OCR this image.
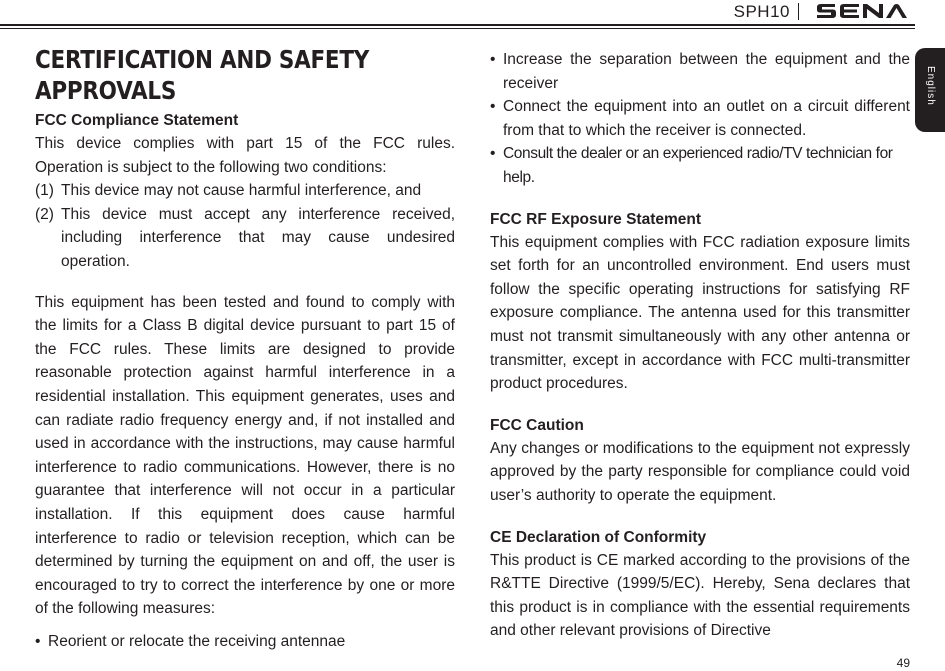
SPH10
English
CERTIFICATION AND SAFETY APPROVALS
FCC Compliance Statement

This device complies with part 15 of the FCC rules. Operation is subject to the following two conditions:

(1) This device may not cause harmful interference, and
(2) This device must accept any interference received, including interference that may cause undesired operation.

This equipment has been tested and found to comply with the limits for a Class B digital device pursuant to part 15 of the FCC rules. These limits are designed to provide reasonable protection against harmful interference in a residential installation. This equipment generates, uses and can radiate radio frequency energy and, if not installed and used in accordance with the instructions, may cause harmful interference to radio communications. However, there is no guarantee that interference will not occur in a particular installation. If this equipment does cause harmful interference to radio or television reception, which can be determined by turning the equipment on and off, the user is encouraged to try to correct the interference by one or more of the following measures:

• Reorient or relocate the receiving antennae
• Increase the separation between the equipment and the receiver
• Connect the equipment into an outlet on a circuit different from that to which the receiver is connected.
• Consult the dealer or an experienced radio/TV technician for help.
FCC RF Exposure Statement

This equipment complies with FCC radiation exposure limits set forth for an uncontrolled environment. End users must follow the specific operating instructions for satisfying RF exposure compliance. The antenna used for this transmitter must not transmit simultaneously with any other antenna or transmitter, except in accordance with FCC multi-transmitter product procedures.

FCC Caution

Any changes or modifications to the equipment not expressly approved by the party responsible for compliance could void user’s authority to operate the equipment.

CE Declaration of Conformity

This product is CE marked according to the provisions of the R&TTE Directive (1999/5/EC). Hereby, Sena declares that this product is in compliance with the essential requirements and other relevant provisions of Directive

49
